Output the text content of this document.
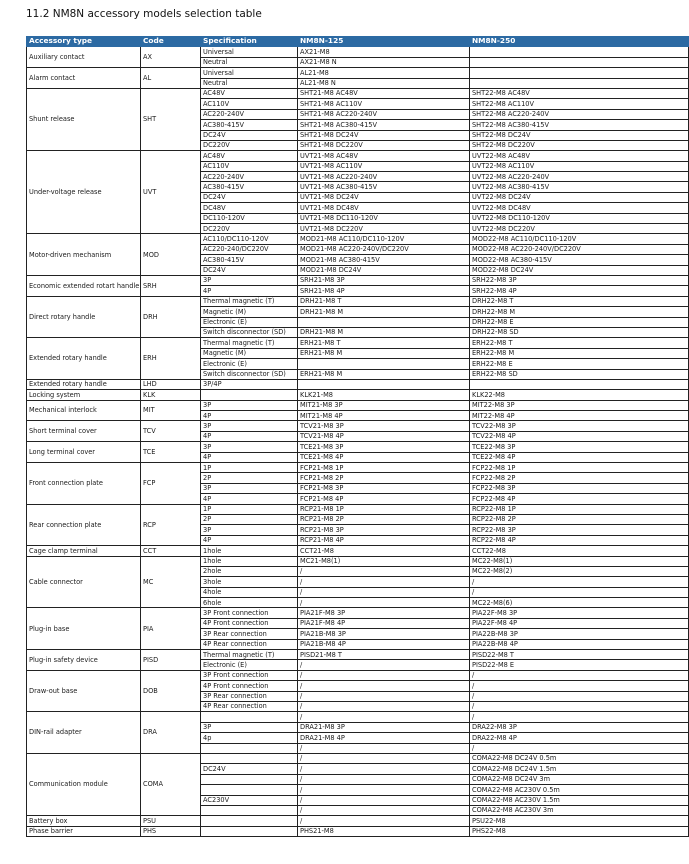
11.2 NM8N accessory models selection table
Accessory type	Code	Specification	NM8N-125	NM8N-250
Auxiliary contact	AX	Universal	AX21-M8	
		Neutral	AX21-M8 N	
Alarm contact	AL	Universal	AL21-M8	
		Neutral	AL21-M8 N	
Shunt release	SHT	AC48V	SHT21-M8 AC48V	SHT22-M8 AC48V
		AC110V	SHT21-M8 AC110V	SHT22-M8 AC110V
		AC220-240V	SHT21-M8 AC220-240V	SHT22-M8 AC220-240V
		AC380-415V	SHT21-M8 AC380-415V	SHT22-M8 AC380-415V
		DC24V	SHT21-M8 DC24V	SHT22-M8 DC24V
		DC220V	SHT21-M8 DC220V	SHT22-M8 DC220V
Under-voltage release	UVT	AC48V	UVT21-M8 AC48V	UVT22-M8 AC48V
		AC110V	UVT21-M8 AC110V	UVT22-M8 AC110V
		AC220-240V	UVT21-M8 AC220-240V	UVT22-M8 AC220-240V
		AC380-415V	UVT21-M8 AC380-415V	UVT22-M8 AC380-415V
		DC24V	UVT21-M8 DC24V	UVT22-M8 DC24V
		DC48V	UVT21-M8 DC48V	UVT22-M8 DC48V
		DC110-120V	UVT21-M8 DC110-120V	UVT22-M8 DC110-120V
		DC220V	UVT21-M8 DC220V	UVT22-M8 DC220V
Motor-driven mechanism	MOD	AC110/DC110-120V	MOD21-M8 AC110/DC110-120V	MOD22-M8 AC110/DC110-120V
		AC220-240/DC220V	MOD21-M8 AC220-240V/DC220V	MOD22-M8 AC220-240V/DC220V
		AC380-415V	MOD21-M8 AC380-415V	MOD22-M8 AC380-415V
		DC24V	MOD21-M8 DC24V	MOD22-M8 DC24V
Economic extended rotart handle	SRH	3P	SRH21-M8 3P	SRH22-M8 3P
		4P	SRH21-M8 4P	SRH22-M8 4P
Direct rotary handle	DRH	Thermal magnetic (T)	DRH21-M8 T	DRH22-M8 T
		Magnetic (M)	DRH21-M8 M	DRH22-M8 M
		Electronic (E)		DRH22-M8 E
		Switch disconnector (SD)	DRH21-M8 M	DRH22-M8 SD
Extended rotary handle	ERH	Thermal magnetic (T)	ERH21-M8 T	ERH22-M8 T
		Magnetic (M)	ERH21-M8 M	ERH22-M8 M
		Electronic (E)		ERH22-M8 E
		Switch disconnector (SD)	ERH21-M8 M	ERH22-M8 SD
Extended rotary handle	LHD	3P/4P		
Locking system	KLK		KLK21-M8	KLK22-M8
Mechanical interlock	MIT	3P	MIT21-M8 3P	MIT22-M8 3P
		4P	MIT21-M8 4P	MIT22-M8 4P
Short terminal cover	TCV	3P	TCV21-M8 3P	TCV22-M8 3P
		4P	TCV21-M8 4P	TCV22-M8 4P
Long terminal cover	TCE	3P	TCE21-M8 3P	TCE22-M8 3P
		4P	TCE21-M8 4P	TCE22-M8 4P
Front connection plate	FCP	1P	FCP21-M8 1P	FCP22-M8 1P
		2P	FCP21-M8 2P	FCP22-M8 2P
		3P	FCP21-M8 3P	FCP22-M8 3P
		4P	FCP21-M8 4P	FCP22-M8 4P
Rear connection plate	RCP	1P	RCP21-M8 1P	RCP22-M8 1P
		2P	RCP21-M8 2P	RCP22-M8 2P
		3P	RCP21-M8 3P	RCP22-M8 3P
		4P	RCP21-M8 4P	RCP22-M8 4P
Cage clamp terminal	CCT	1hole	CCT21-M8	CCT22-M8
Cable connector	MC	1hole	MC21-M8(1)	MC22-M8(1)
		2hole	/	MC22-M8(2)
		3hole	/	/
		4hole	/	/
		6hole	/	MC22-M8(6)
Plug-in base	PIA	3P Front connection	PIA21F-M8 3P	PIA22F-M8 3P
		4P Front connection	PIA21F-M8 4P	PIA22F-M8 4P
		3P Rear connection	PIA21B-M8 3P	PIA22B-M8 3P
		4P Rear connection	PIA21B-M8 4P	PIA22B-M8 4P
Plug-in safety device	PISD	Thermal magnetic (T)	PISD21-M8 T	PISD22-M8 T
		Electronic (E)	/	PISD22-M8 E
Draw-out base	DOB	3P Front connection	/	/
		4P Front connection	/	/
		3P Rear connection	/	/
		4P Rear connection	/	/
DIN-rail adapter	DRA		/	/
		3P	DRA21-M8 3P	DRA22-M8 3P
		4p	DRA21-M8 4P	DRA22-M8 4P
			/	/
Communication module	COMA		/	COMA22-M8 DC24V 0.5m
		DC24V	/	COMA22-M8 DC24V 1.5m
			/	COMA22-M8 DC24V 3m
			/	COMA22-M8 AC230V 0.5m
		AC230V	/	COMA22-M8 AC230V 1.5m
			/	COMA22-M8 AC230V 3m
Battery box	PSU		/	PSU22-M8
Phase barrier	PHS		PHS21-M8	PHS22-M8
